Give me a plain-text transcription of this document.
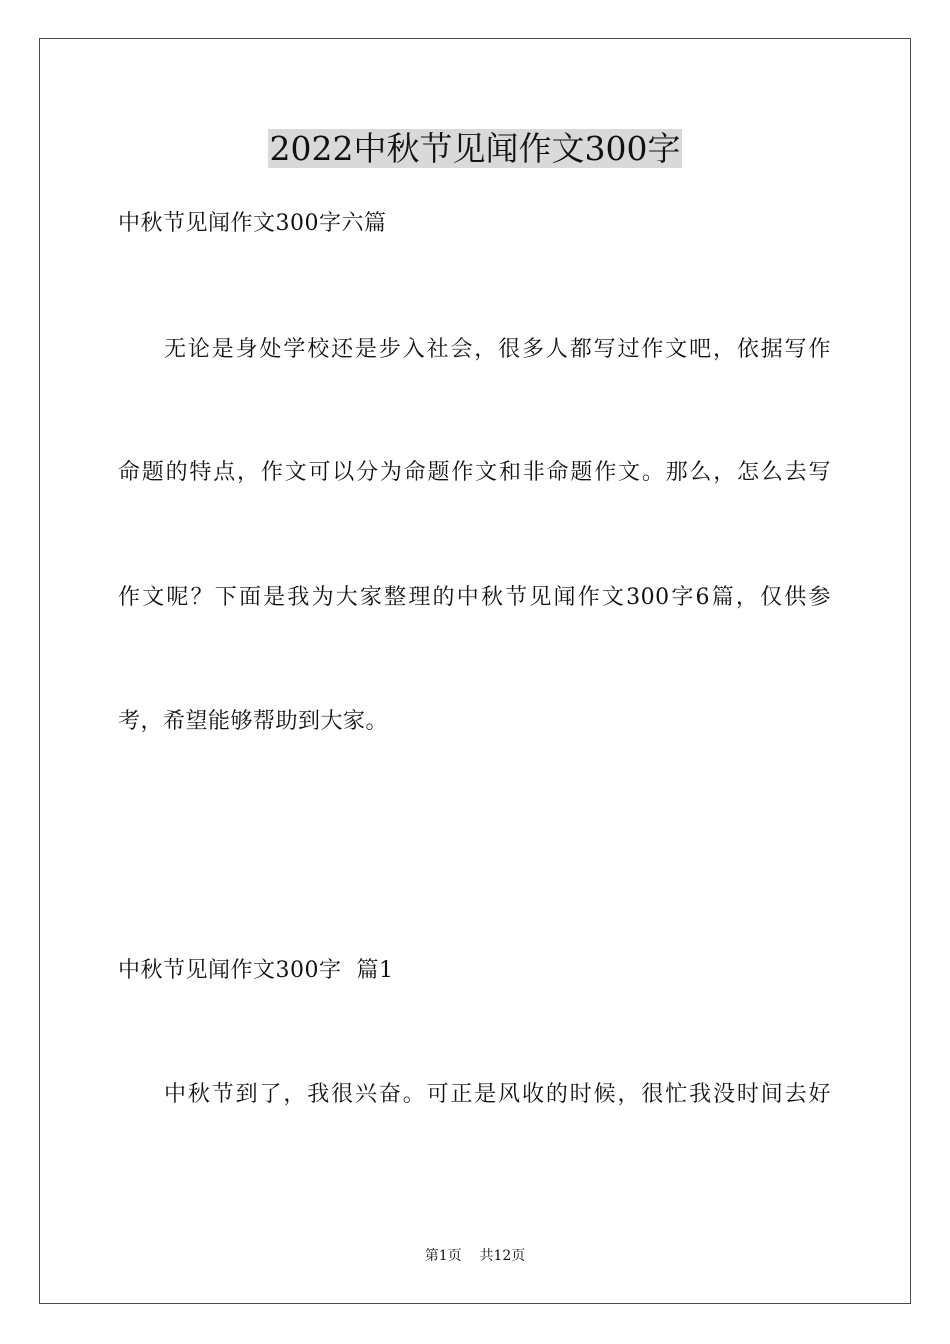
2022中秋节见闻作文300字
中秋节见闻作文300字六篇
无论是身处学校还是步入社会，很多人都写过作文吧，依据写作
命题的特点，作文可以分为命题作文和非命题作文。那么，怎么去写
作文呢？下面是我为大家整理的中秋节见闻作文300字6篇，仅供参
考，希望能够帮助到大家。
中秋节见闻作文300字  篇1
中秋节到了，我很兴奋。可正是风收的时候，很忙我没时间去好
第1页    共12页
